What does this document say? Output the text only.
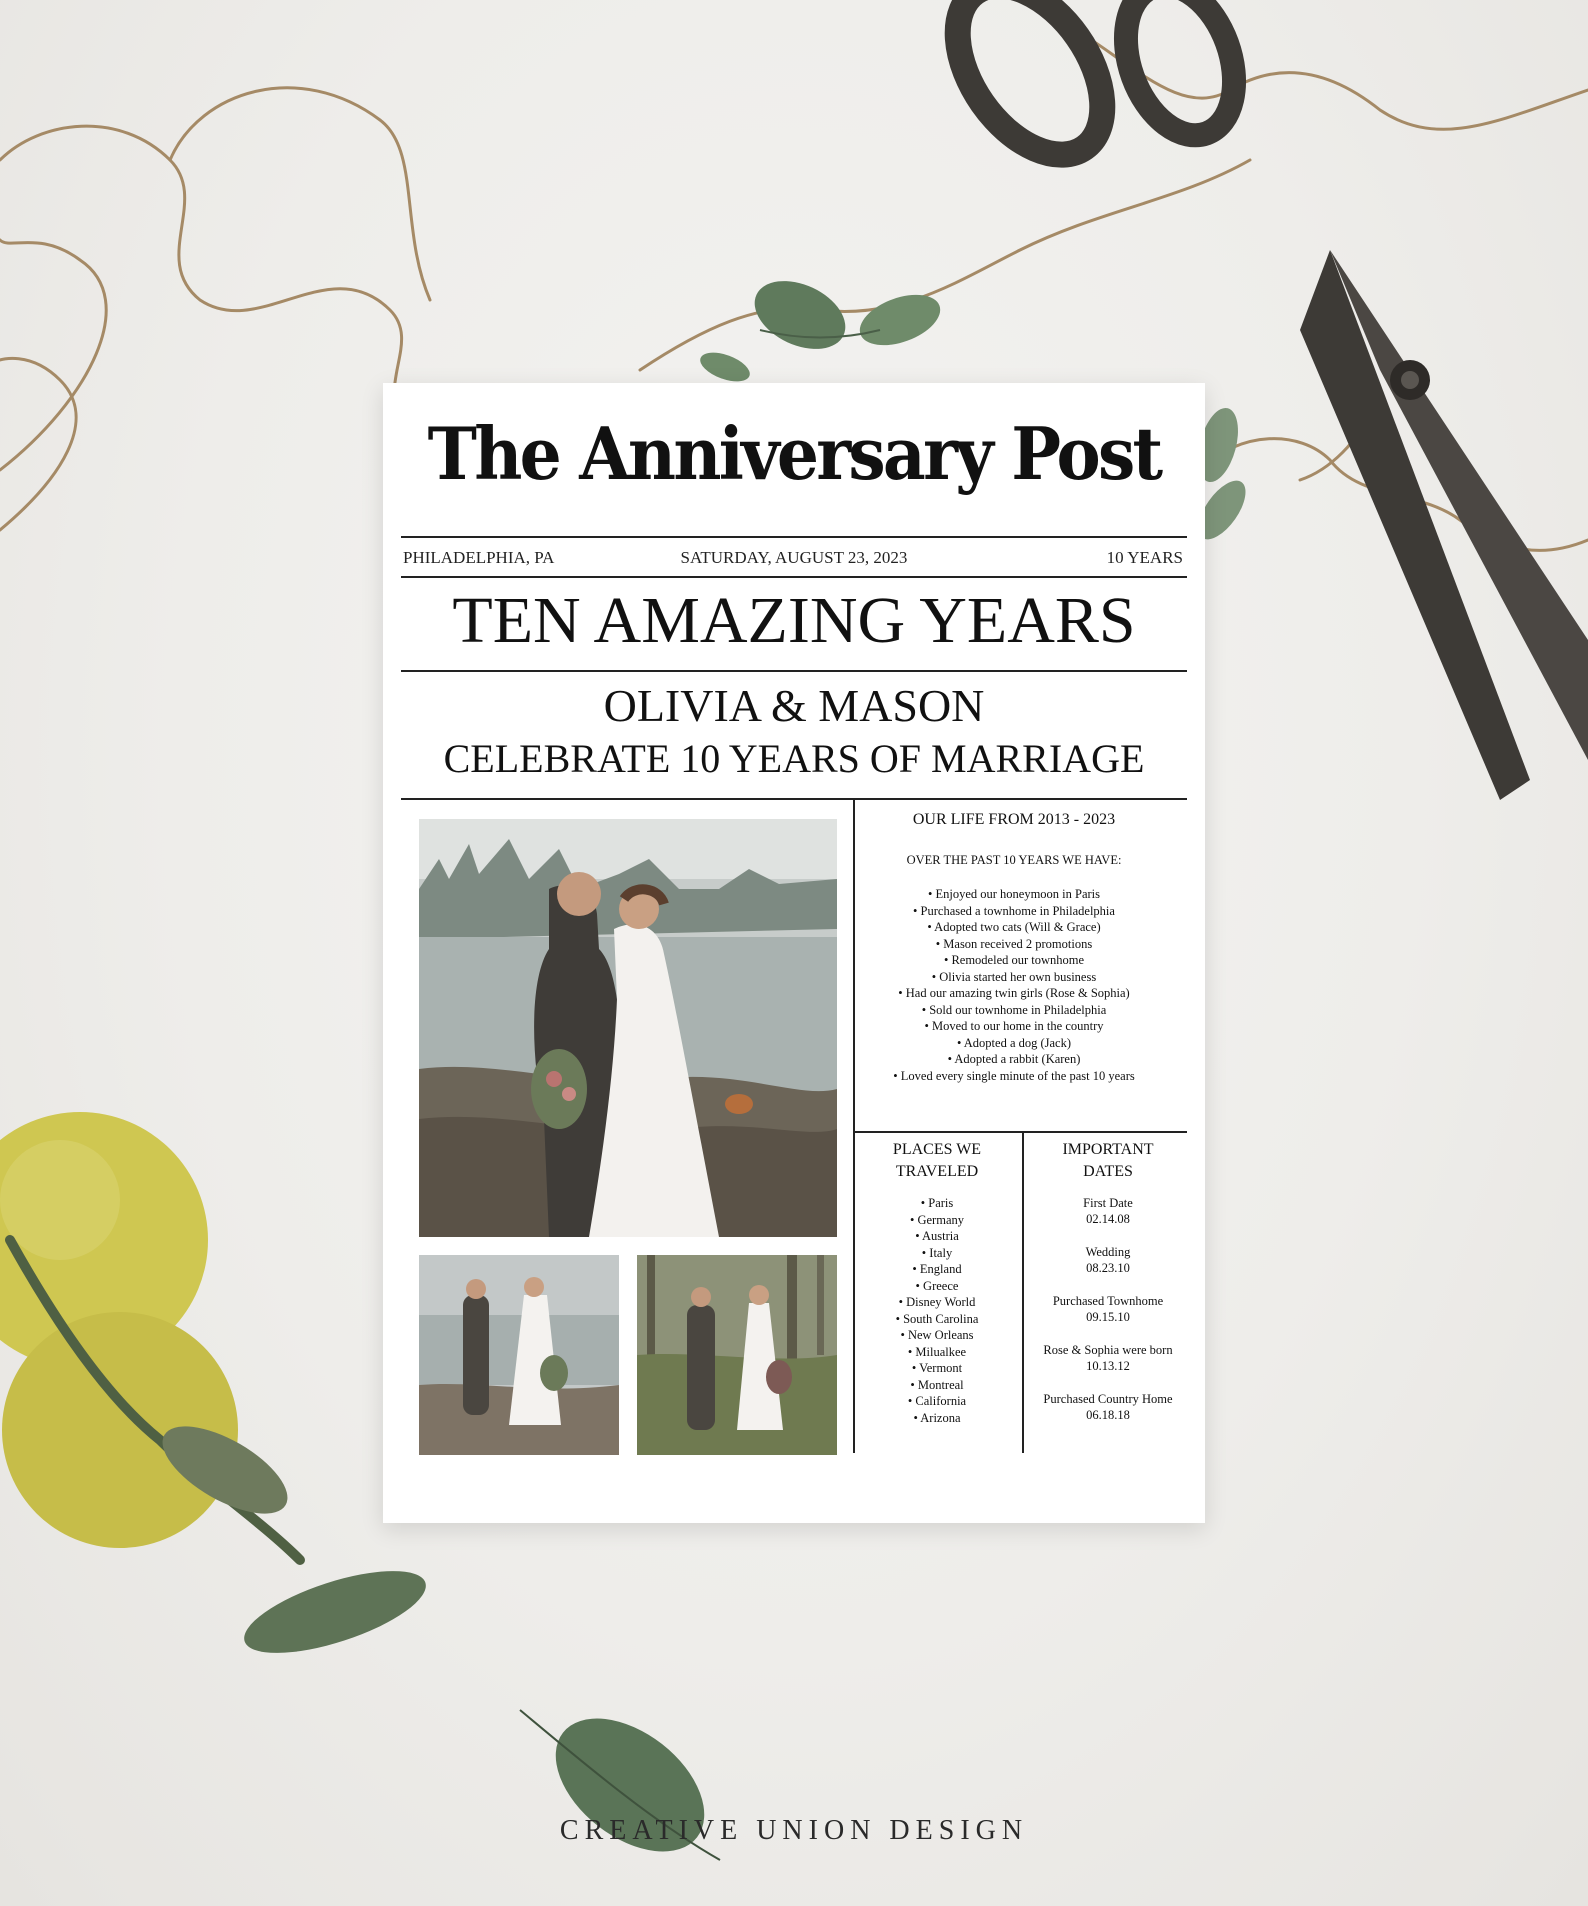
The Anniversary Post
PHILADELPHIA, PA	SATURDAY, AUGUST 23, 2023	10 YEARS
TEN AMAZING YEARS
OLIVIA & MASON
CELEBRATE 10 YEARS OF MARRIAGE
OUR LIFE FROM 2013 - 2023
OVER THE PAST 10 YEARS WE HAVE:
• Enjoyed our honeymoon in Paris
• Purchased a townhome in Philadelphia
• Adopted two cats (Will & Grace)
• Mason received 2 promotions
• Remodeled our townhome
• Olivia started her own business
• Had our amazing twin girls (Rose & Sophia)
• Sold our townhome in Philadelphia
• Moved to our home in the country
• Adopted a dog (Jack)
• Adopted a rabbit (Karen)
• Loved every single minute of the past 10 years
PLACES WE
TRAVELED
• Paris
• Germany
• Austria
• Italy
• England
• Greece
• Disney World
• South Carolina
• New Orleans
• Milualkee
• Vermont
• Montreal
• California
• Arizona
IMPORTANT
DATES
First Date
02.14.08
Wedding
08.23.10
Purchased Townhome
09.15.10
Rose & Sophia were born
10.13.12
Purchased Country Home
06.18.18
CREATIVE UNION DESIGN
